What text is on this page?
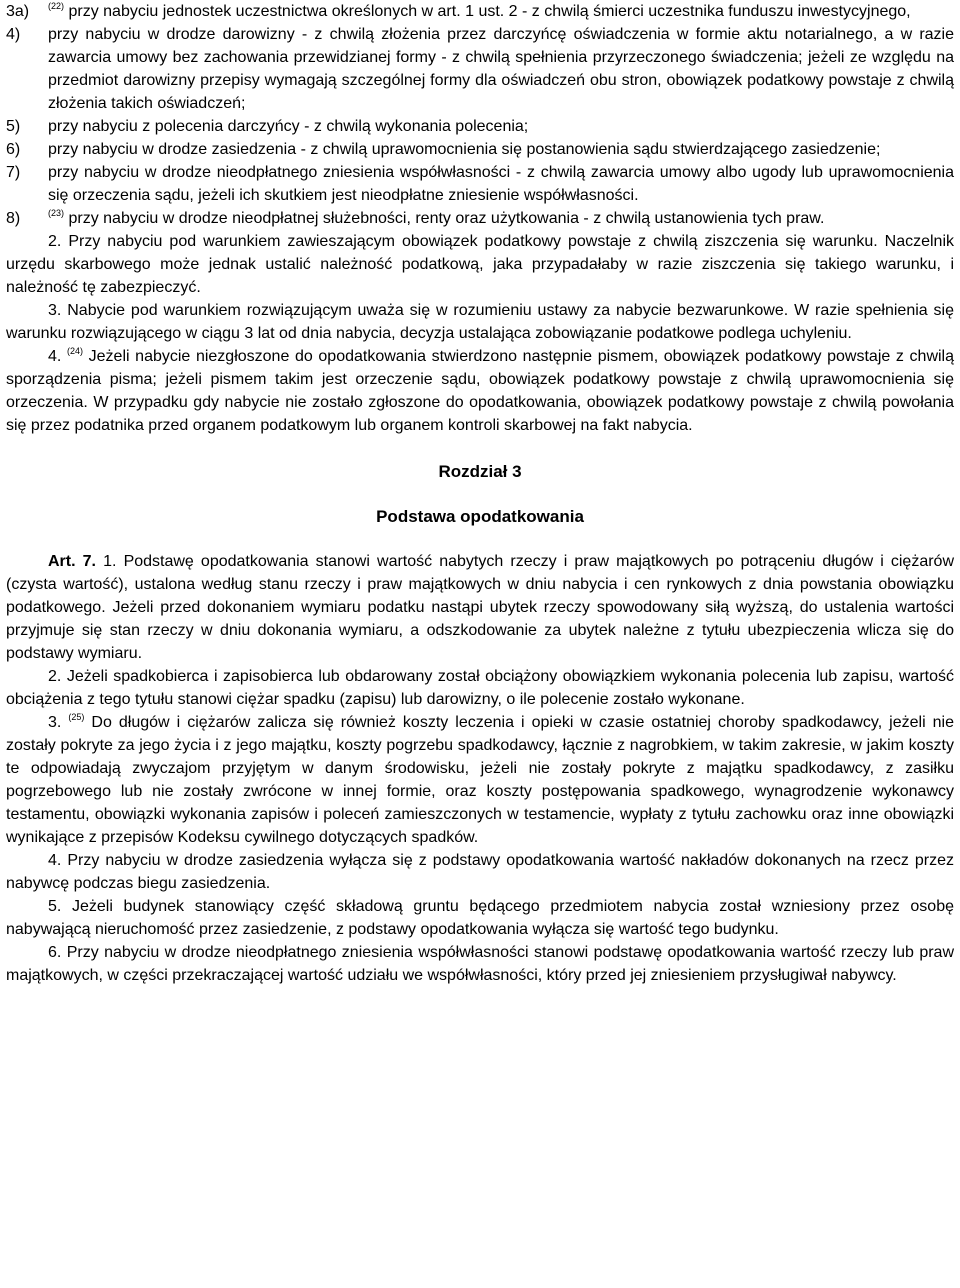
3a) $^{(22)}$ przy nabyciu jednostek uczestnictwa określonych w art. 1 ust. 2 - z chwilą śmierci uczestnika funduszu inwestycyjnego,
4) przy nabyciu w drodze darowizny - z chwilą złożenia przez darczyńcę oświadczenia w formie aktu notarialnego, a w razie zawarcia umowy bez zachowania przewidzianej formy - z chwilą spełnienia przyrzeczonego świadczenia; jeżeli ze względu na przedmiot darowizny przepisy wymagają szczególnej formy dla oświadczeń obu stron, obowiązek podatkowy powstaje z chwilą złożenia takich oświadczeń;
5) przy nabyciu z polecenia darczyńcy - z chwilą wykonania polecenia;
6) przy nabyciu w drodze zasiedzenia - z chwilą uprawomocnienia się postanowienia sądu stwierdzającego zasiedzenie;
7) przy nabyciu w drodze nieodpłatnego zniesienia współwłasności - z chwilą zawarcia umowy albo ugody lub uprawomocnienia się orzeczenia sądu, jeżeli ich skutkiem jest nieodpłatne zniesienie współwłasności.
8)	$^{(23)}$ przy nabyciu w drodze nieodpłatnej służebności, renty oraz użytkowania - z chwilą ustanowienia tych praw.
2. Przy nabyciu pod warunkiem zawieszającym obowiązek podatkowy powstaje z chwilą ziszczenia się warunku. Naczelnik urzędu skarbowego może jednak ustalić należność podatkową, jaka przypadałaby w razie ziszczenia się takiego warunku, i należność tę zabezpieczyć.
3. Nabycie pod warunkiem rozwiązującym uważa się w rozumieniu ustawy za nabycie bezwarunkowe. W razie spełnienia się warunku rozwiązującego w ciągu 3 lat od dnia nabycia, decyzja ustalająca zobowiązanie podatkowe podlega uchyleniu.
4. $^{(24)}$ Jeżeli nabycie niezgłoszone do opodatkowania stwierdzono następnie pismem, obowiązek podatkowy powstaje z chwilą sporządzenia pisma; jeżeli pismem takim jest orzeczenie sądu, obowiązek podatkowy powstaje z chwilą uprawomocnienia się orzeczenia. W przypadku gdy nabycie nie zostało zgłoszone do opodatkowania, obowiązek podatkowy powstaje z chwilą powołania się przez podatnika przed organem podatkowym lub organem kontroli skarbowej na fakt nabycia.
Rozdział 3
Podstawa opodatkowania
Art. 7. 1. Podstawę opodatkowania stanowi wartość nabytych rzeczy i praw majątkowych po potrąceniu długów i ciężarów (czysta wartość), ustalona według stanu rzeczy i praw majątkowych w dniu nabycia i cen rynkowych z dnia powstania obowiązku podatkowego. Jeżeli przed dokonaniem wymiaru podatku nastąpi ubytek rzeczy spowodowany siłą wyższą, do ustalenia wartości przyjmuje się stan rzeczy w dniu dokonania wymiaru, a odszkodowanie za ubytek należne z tytułu ubezpieczenia wlicza się do podstawy wymiaru.
2. Jeżeli spadkobierca i zapisobierca lub obdarowany został obciążony obowiązkiem wykonania polecenia lub zapisu, wartość obciążenia z tego tytułu stanowi ciężar spadku (zapisu) lub darowizny, o ile polecenie zostało wykonane.
3. $^{(25)}$ Do długów i ciężarów zalicza się również koszty leczenia i opieki w czasie ostatniej choroby spadkodawcy, jeżeli nie zostały pokryte za jego życia i z jego majątku, koszty pogrzebu spadkodawcy, łącznie z nagrobkiem, w takim zakresie, w jakim koszty te odpowiadają zwyczajom przyjętym w danym środowisku, jeżeli nie zostały pokryte z majątku spadkodawcy, z zasiłku pogrzebowego lub nie zostały zwrócone w innej formie, oraz koszty postępowania spadkowego, wynagrodzenie wykonawcy testamentu, obowiązki wykonania zapisów i poleceń zamieszczonych w testamencie, wypłaty z tytułu zachowku oraz inne obowiązki wynikające z przepisów Kodeksu cywilnego dotyczących spadków.
4. Przy nabyciu w drodze zasiedzenia wyłącza się z podstawy opodatkowania wartość nakładów dokonanych na rzecz przez nabywcę podczas biegu zasiedzenia.
5. Jeżeli budynek stanowiący część składową gruntu będącego przedmiotem nabycia został wzniesiony przez osobę nabywającą nieruchomość przez zasiedzenie, z podstawy opodatkowania wyłącza się wartość tego budynku.
6. Przy nabyciu w drodze nieodpłatnego zniesienia współwłasności stanowi podstawę opodatkowania wartość rzeczy lub praw majątkowych, w części przekraczającej wartość udziału we współwłasności, który przed jej zniesieniem przysługiwał nabywcy.
